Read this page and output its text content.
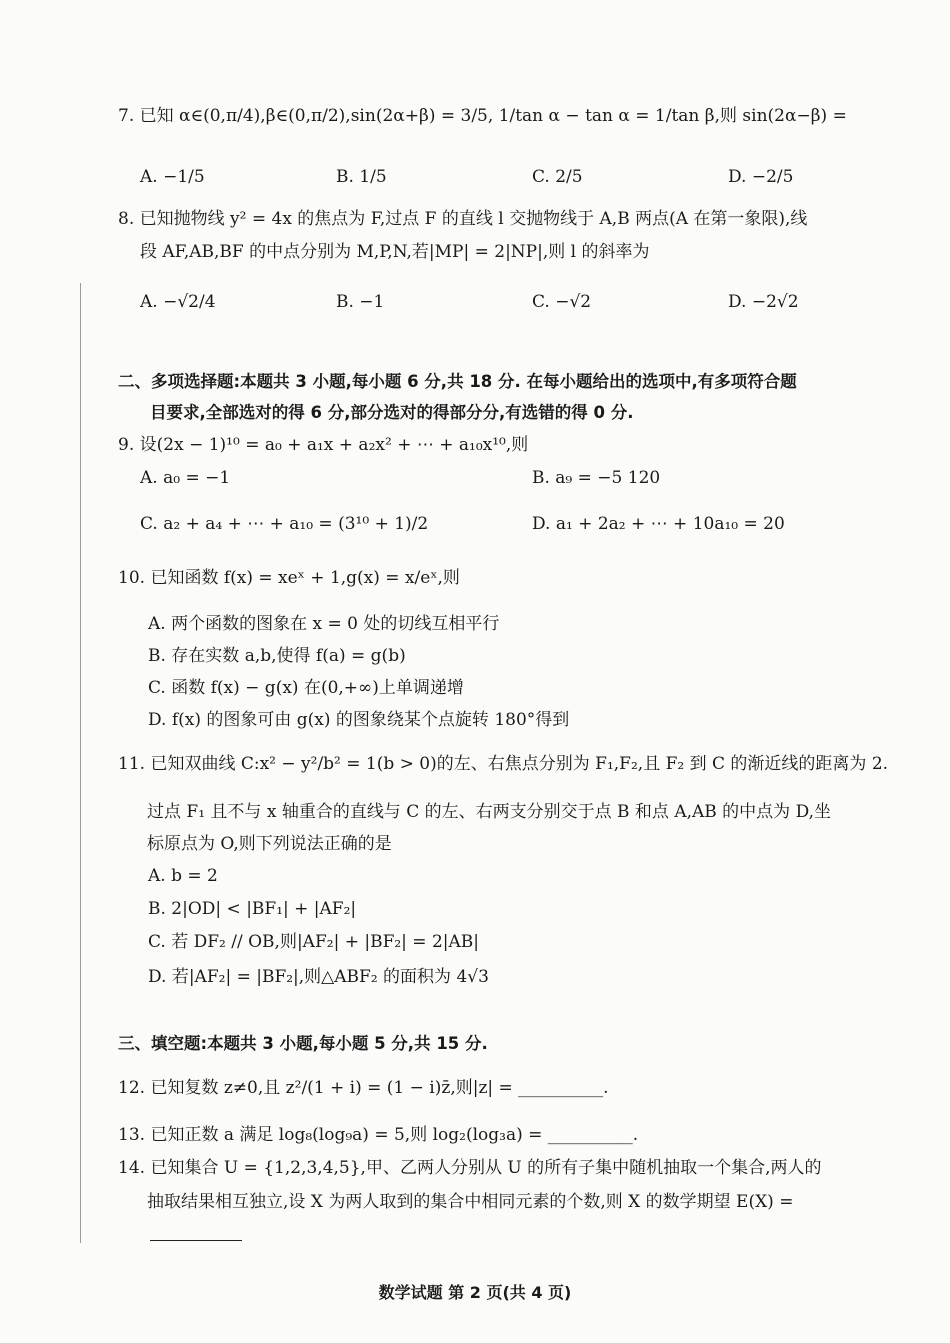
7. 已知 α∈(0,π/4),β∈(0,π/2),sin(2α+β) = 3/5, 1/tan α − tan α = 1/tan β,则 sin(2α−β) =
A. −1/5	B. 1/5	C. 2/5	D. −2/5
8. 已知抛物线 y² = 4x 的焦点为 F,过点 F 的直线 l 交抛物线于 A,B 两点(A 在第一象限),线
段 AF,AB,BF 的中点分别为 M,P,N,若|MP| = 2|NP|,则 l 的斜率为
A. −√2/4	B. −1	C. −√2	D. −2√2
二、多项选择题:本题共 3 小题,每小题 6 分,共 18 分. 在每小题给出的选项中,有多项符合题
目要求,全部选对的得 6 分,部分选对的得部分分,有选错的得 0 分.
9. 设(2x − 1)¹⁰ = a₀ + a₁x + a₂x² + ⋯ + a₁₀x¹⁰,则
A. a₀ = −1	B. a₉ = −5 120
C. a₂ + a₄ + ⋯ + a₁₀ = (3¹⁰ + 1)/2	D. a₁ + 2a₂ + ⋯ + 10a₁₀ = 20
10. 已知函数 f(x) = xeˣ + 1,g(x) = x/eˣ,则
A. 两个函数的图象在 x = 0 处的切线互相平行
B. 存在实数 a,b,使得 f(a) = g(b)
C. 函数 f(x) − g(x) 在(0,+∞)上单调递增
D. f(x) 的图象可由 g(x) 的图象绕某个点旋转 180°得到
11. 已知双曲线 C:x² − y²/b² = 1(b > 0)的左、右焦点分别为 F₁,F₂,且 F₂ 到 C 的渐近线的距离为 2.
过点 F₁ 且不与 x 轴重合的直线与 C 的左、右两支分别交于点 B 和点 A,AB 的中点为 D,坐
标原点为 O,则下列说法正确的是
A. b = 2
B. 2|OD| < |BF₁| + |AF₂|
C. 若 DF₂ // OB,则|AF₂| + |BF₂| = 2|AB|
D. 若|AF₂| = |BF₂|,则△ABF₂ 的面积为 4√3
三、填空题:本题共 3 小题,每小题 5 分,共 15 分.
12. 已知复数 z≠0,且 z²/(1 + i) = (1 − i)z̄,则|z| = __________.
13. 已知正数 a 满足 log₈(log₉a) = 5,则 log₂(log₃a) = __________.
14. 已知集合 U = {1,2,3,4,5},甲、乙两人分别从 U 的所有子集中随机抽取一个集合,两人的
抽取结果相互独立,设 X 为两人取到的集合中相同元素的个数,则 X 的数学期望 E(X) =
数学试题 第 2 页(共 4 页)
